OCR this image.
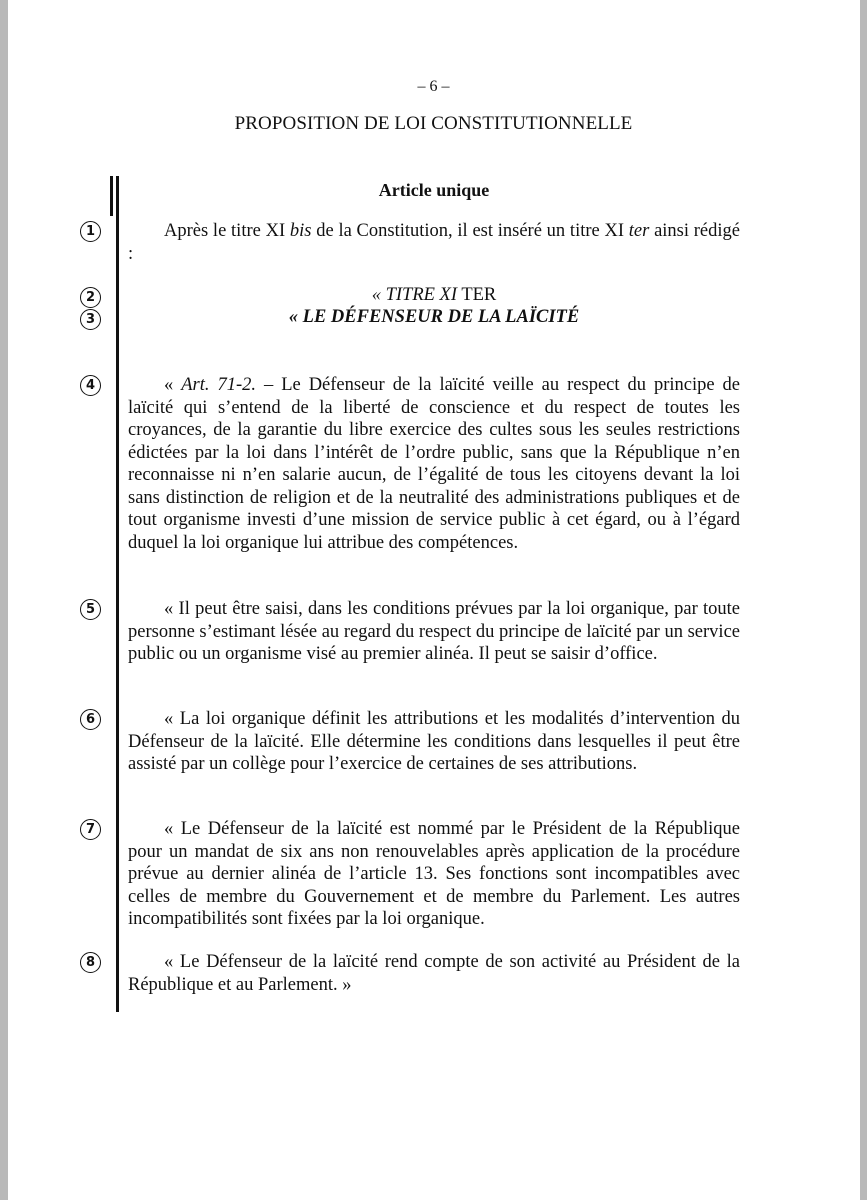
– 6 –
PROPOSITION DE LOI CONSTITUTIONNELLE
Article unique
1
2
3
4
5
6
7
8
Après le titre XI bis de la Constitution, il est inséré un titre XI ter ainsi rédigé :
« TITRE XI TER
« LE DÉFENSEUR DE LA LAÏCITÉ
« Art. 71-2. – Le Défenseur de la laïcité veille au respect du principe de laïcité qui s’entend de la liberté de conscience et du respect de toutes les croyances, de la garantie du libre exercice des cultes sous les seules restrictions édictées par la loi dans l’intérêt de l’ordre public, sans que la République n’en reconnaisse ni n’en salarie aucun, de l’égalité de tous les citoyens devant la loi sans distinction de religion et de la neutralité des administrations publiques et de tout organisme investi d’une mission de service public à cet égard, ou à l’égard duquel la loi organique lui attribue des compétences.
« Il peut être saisi, dans les conditions prévues par la loi organique, par toute personne s’estimant lésée au regard du respect du principe de laïcité par un service public ou un organisme visé au premier alinéa. Il peut se saisir d’office.
« La loi organique définit les attributions et les modalités d’intervention du Défenseur de la laïcité. Elle détermine les conditions dans lesquelles il peut être assisté par un collège pour l’exercice de certaines de ses attributions.
« Le Défenseur de la laïcité est nommé par le Président de la République pour un mandat de six ans non renouvelables après application de la procédure prévue au dernier alinéa de l’article 13. Ses fonctions sont incompatibles avec celles de membre du Gouvernement et de membre du Parlement. Les autres incompatibilités sont fixées par la loi organique.
« Le Défenseur de la laïcité rend compte de son activité au Président de la République et au Parlement. »
